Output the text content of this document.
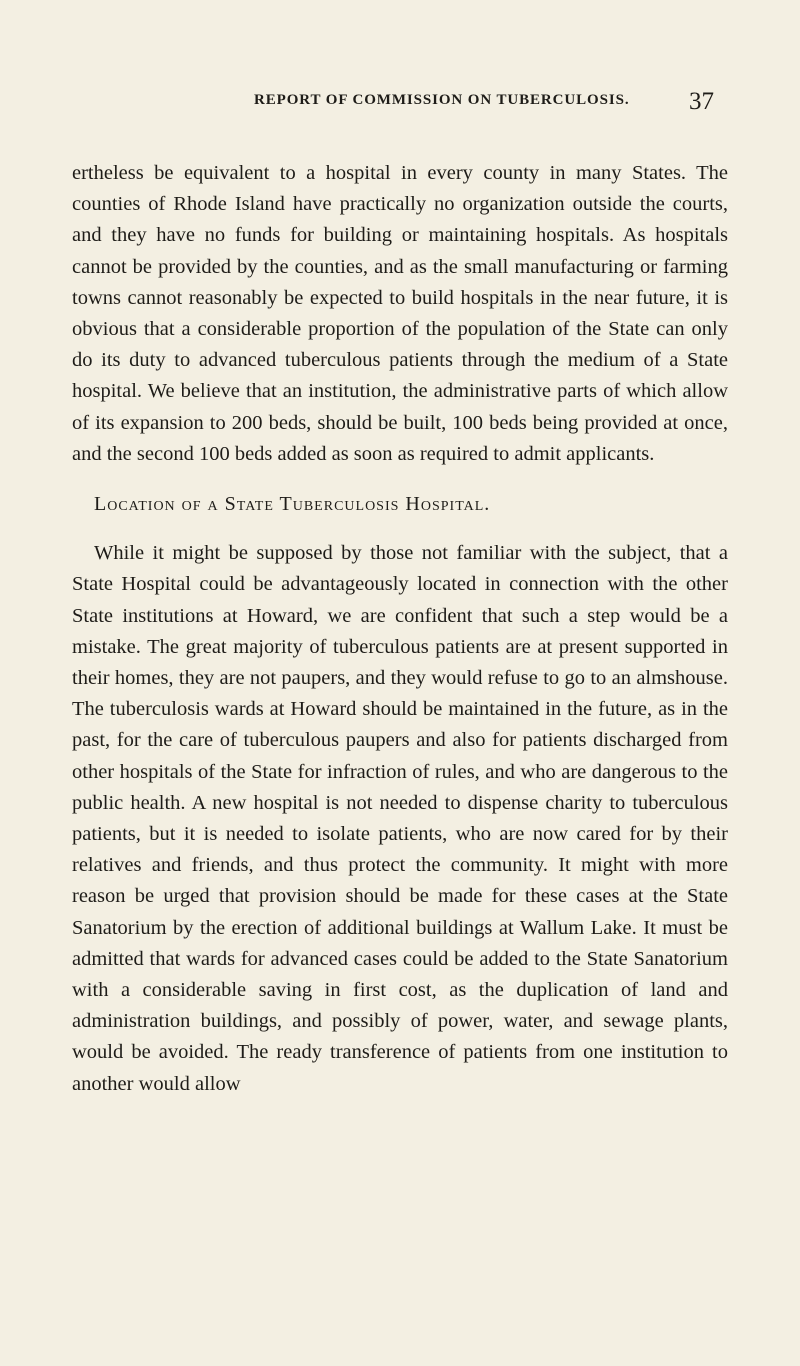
REPORT OF COMMISSION ON TUBERCULOSIS. 37

ertheless be equivalent to a hospital in every county in many States. The counties of Rhode Island have practically no organization outside the courts, and they have no funds for building or maintaining hospitals. As hospitals cannot be provided by the counties, and as the small manufacturing or farming towns cannot reasonably be expected to build hospitals in the near future, it is obvious that a considerable proportion of the population of the State can only do its duty to advanced tuberculous patients through the medium of a State hospital. We believe that an institution, the administrative parts of which allow of its expansion to 200 beds, should be built, 100 beds being provided at once, and the second 100 beds added as soon as required to admit applicants.

Location of a State Tuberculosis Hospital.

While it might be supposed by those not familiar with the subject, that a State Hospital could be advantageously located in connection with the other State institutions at Howard, we are confident that such a step would be a mistake. The great majority of tuberculous patients are at present supported in their homes, they are not paupers, and they would refuse to go to an almshouse. The tuberculosis wards at Howard should be maintained in the future, as in the past, for the care of tuberculous paupers and also for patients discharged from other hospitals of the State for infraction of rules, and who are dangerous to the public health. A new hospital is not needed to dispense charity to tuberculous patients, but it is needed to isolate patients, who are now cared for by their relatives and friends, and thus protect the community. It might with more reason be urged that provision should be made for these cases at the State Sanatorium by the erection of additional buildings at Wallum Lake. It must be admitted that wards for advanced cases could be added to the State Sanatorium with a considerable saving in first cost, as the duplication of land and administration buildings, and possibly of power, water, and sewage plants, would be avoided. The ready transference of patients from one institution to another would allow
